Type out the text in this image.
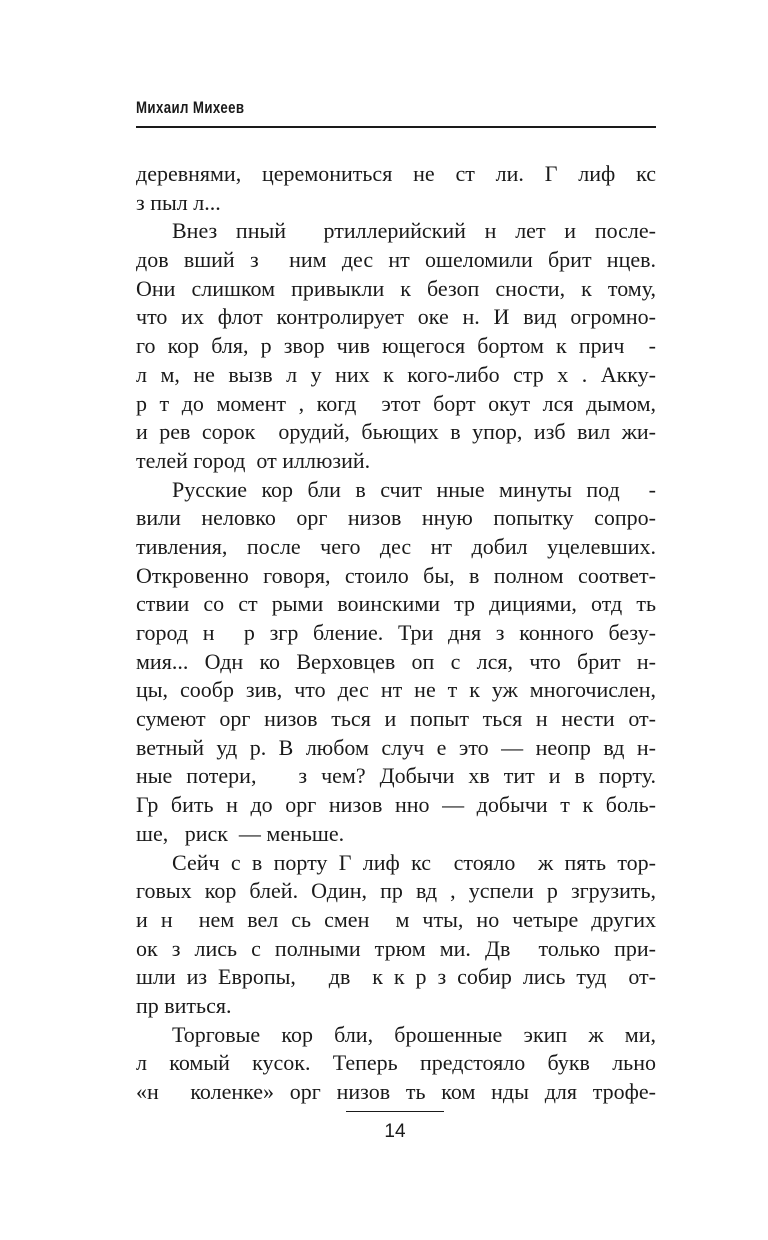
Михаил Михеев
деревнями, церемониться не ст ли. Г лиф кс
з пыл л...
Внез пный  ртиллерийский н лет и после-
дов вший з  ним дес нт ошеломили брит нцев.
Они слишком привыкли к безоп сности, к тому,
что их флот контролирует оке н. И вид огромно-
го кор бля, р звор чив ющегося бортом к прич  -
л м, не вызв л у них к кого-либо стр х . Акку-
р т до момент , когд  этот борт окут лся дымом,
и рев сорок  орудий, бьющих в упор, изб вил жи-
телей город  от иллюзий.
Русские кор бли в счит нные минуты под  -
вили неловко орг низов нную попытку сопро-
тивления, после чего дес нт добил уцелевших.
Откровенно говоря, стоило бы, в полном соответ-
ствии со ст рыми воинскими тр дициями, отд ть
город н  р згр бление. Три дня з конного безу-
мия... Одн ко Верховцев оп с лся, что брит н-
цы, сообр зив, что дес нт не т к уж многочислен,
сумеют орг низов ться и попыт ться н нести от-
ветный уд р. В любом случ е это — неопр вд н-
ные потери,   з чем? Добычи хв тит и в порту.
Гр бить н до орг низов нно — добычи т к боль-
ше,   риск  — меньше.
Сейч с в порту Г лиф кс  стояло  ж пять тор-
говых кор блей. Один, пр вд , успели р згрузить,
и н  нем вел сь смен  м чты, но четыре других
ок з лись с полными трюм ми. Дв  только при-
шли из Европы,   дв  к к р з собир лись туд  от-
пр виться.
Торговые кор бли, брошенные экип ж ми,
л комый кусок. Теперь предстояло букв льно
«н  коленке» орг низов ть ком нды для трофе-
14
